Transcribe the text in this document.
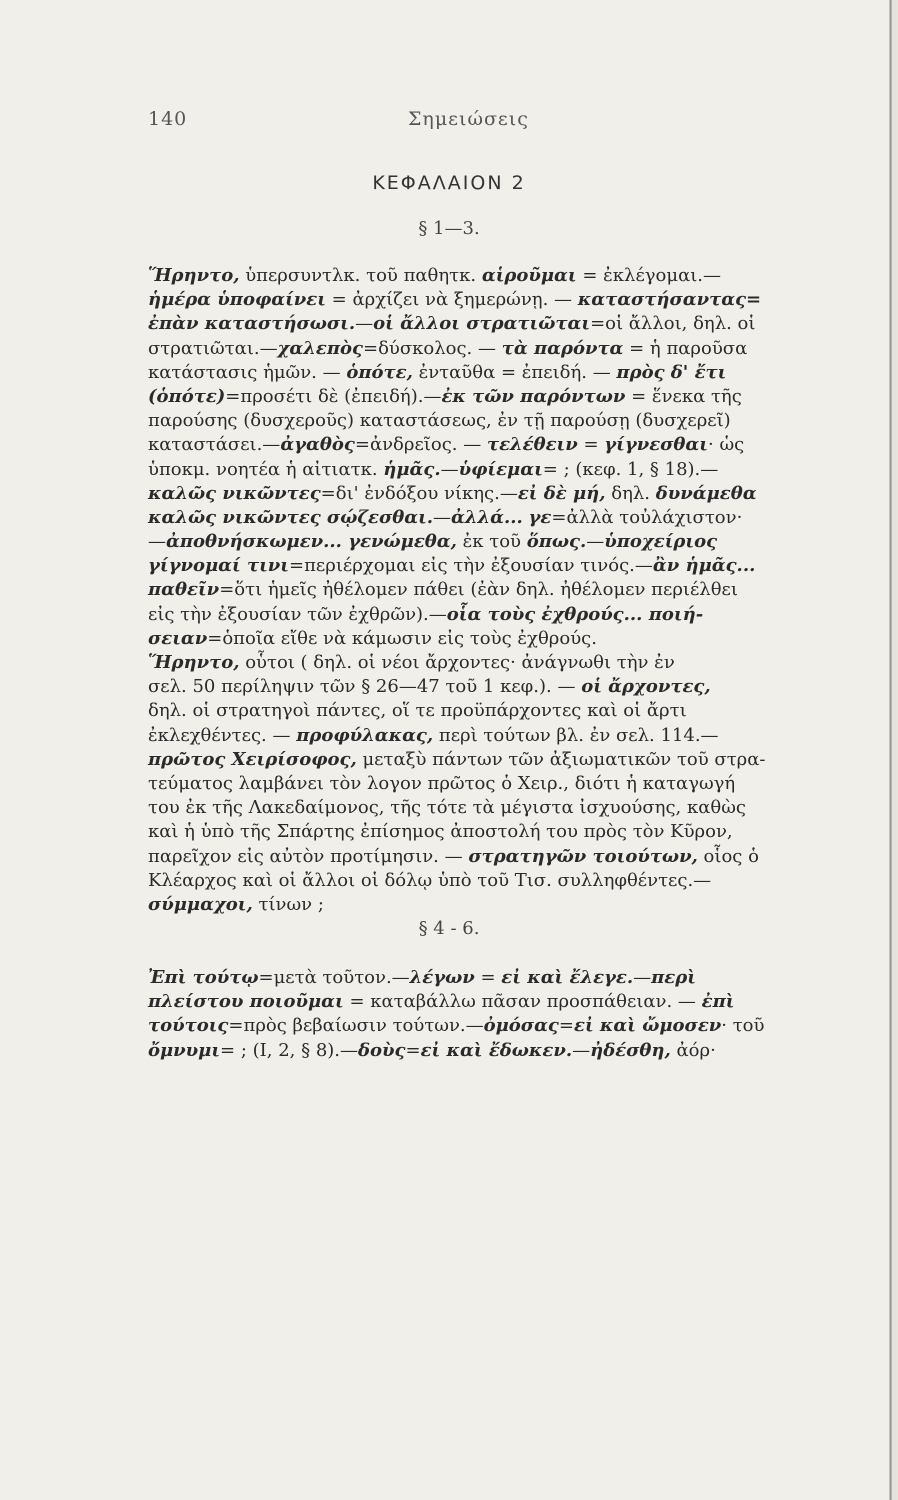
140	Σημειώσεις
ΚΕΦΑΛΑΙΟΝ 2
§ 1—3.
Ἥρηντο, ὑπερσυντλκ. τοῦ παθητκ. αἱροῦμαι = ἐκλέγομαι.—
ἡμέρα ὑποφαίνει = ἀρχίζει νὰ ξημερώνῃ. — καταστήσαντας=
ἐπὰν καταστήσωσι.—οἱ ἄλλοι στρατιῶται=οἱ ἄλλοι, δηλ. οἱ
στρατιῶται.—χαλεπὸς=δύσκολος. — τὰ παρόντα = ἡ παροῦσα
κατάστασις ἡμῶν. — ὁπότε, ἐνταῦθα = ἐπειδή. — πρὸς δ' ἔτι
(ὁπότε)=προσέτι δὲ (ἐπειδή).—ἐκ τῶν παρόντων = ἕνεκα τῆς
παρούσης (δυσχεροῦς) καταστάσεως, ἐν τῇ παρούσῃ (δυσχερεῖ)
καταστάσει.—ἀγαθὸς=ἀνδρεῖος. — τελέθειν = γίγνεσθαι· ὡς
ὑποκμ. νοητέα ἡ αἰτιατκ. ἡμᾶς.—ὑφίεμαι= ; (κεφ. 1, § 18).—
καλῶς νικῶντες=δι' ἐνδόξου νίκης.—εἰ δὲ μή, δηλ. δυνάμεθα
καλῶς νικῶντες σῴζεσθαι.—ἀλλά... γε=ἀλλὰ τοὐλάχιστον·
—ἀποθνήσκωμεν... γενώμεθα, ἐκ τοῦ ὅπως.—ὑποχείριος
γίγνομαί τινι=περιέρχομαι εἰς τὴν ἐξουσίαν τινός.—ἂν ἡμᾶς...
παθεῖν=ὅτι ἡμεῖς ἠθέλομεν πάθει (ἐὰν δηλ. ἠθέλομεν περιέλθει
εἰς τὴν ἐξουσίαν τῶν ἐχθρῶν).—οἷα τοὺς ἐχθρούς... ποιή-
σειαν=ὁποῖα εἴθε νὰ κάμωσιν εἰς τοὺς ἐχθρούς.
Ἥρηντο, οὗτοι ( δηλ. οἱ νέοι ἄρχοντες· ἀνάγνωθι τὴν ἐν
σελ. 50 περίληψιν τῶν § 26—47 τοῦ 1 κεφ.). — οἱ ἄρχοντες,
δηλ. οἱ στρατηγοὶ πάντες, οἵ τε προϋπάρχοντες καὶ οἱ ἄρτι
ἐκλεχθέντες. — προφύλακας, περὶ τούτων βλ. ἐν σελ. 114.—
πρῶτος Χειρίσοφος, μεταξὺ πάντων τῶν ἀξιωματικῶν τοῦ στρα-
τεύματος λαμβάνει τὸν λογον πρῶτος ὁ Χειρ., διότι ἡ καταγωγή
του ἐκ τῆς Λακεδαίμονος, τῆς τότε τὰ μέγιστα ἰσχυούσης, καθὼς
καὶ ἡ ὑπὸ τῆς Σπάρτης ἐπίσημος ἀποστολή του πρὸς τὸν Κῦρον,
παρεῖχον εἰς αὐτὸν προτίμησιν. — στρατηγῶν τοιούτων, οἷος ὁ
Κλέαρχος καὶ οἱ ἄλλοι οἱ δόλῳ ὑπὸ τοῦ Τισ. συλληφθέντες.—
σύμμαχοι, τίνων ;
§ 4 - 6.
Ἐπὶ τούτῳ=μετὰ τοῦτον.—λέγων = εἰ καὶ ἔλεγε.—περὶ
πλείστου ποιοῦμαι = καταβάλλω πᾶσαν προσπάθειαν. — ἐπὶ
τούτοις=πρὸς βεβαίωσιν τούτων.—ὀμόσας=εἰ καὶ ὤμοσεν· τοῦ
ὄμνυμι= ; (Ι, 2, § 8).—δοὺς=εἰ καὶ ἔδωκεν.—ἠδέσθη, ἀόρ·
